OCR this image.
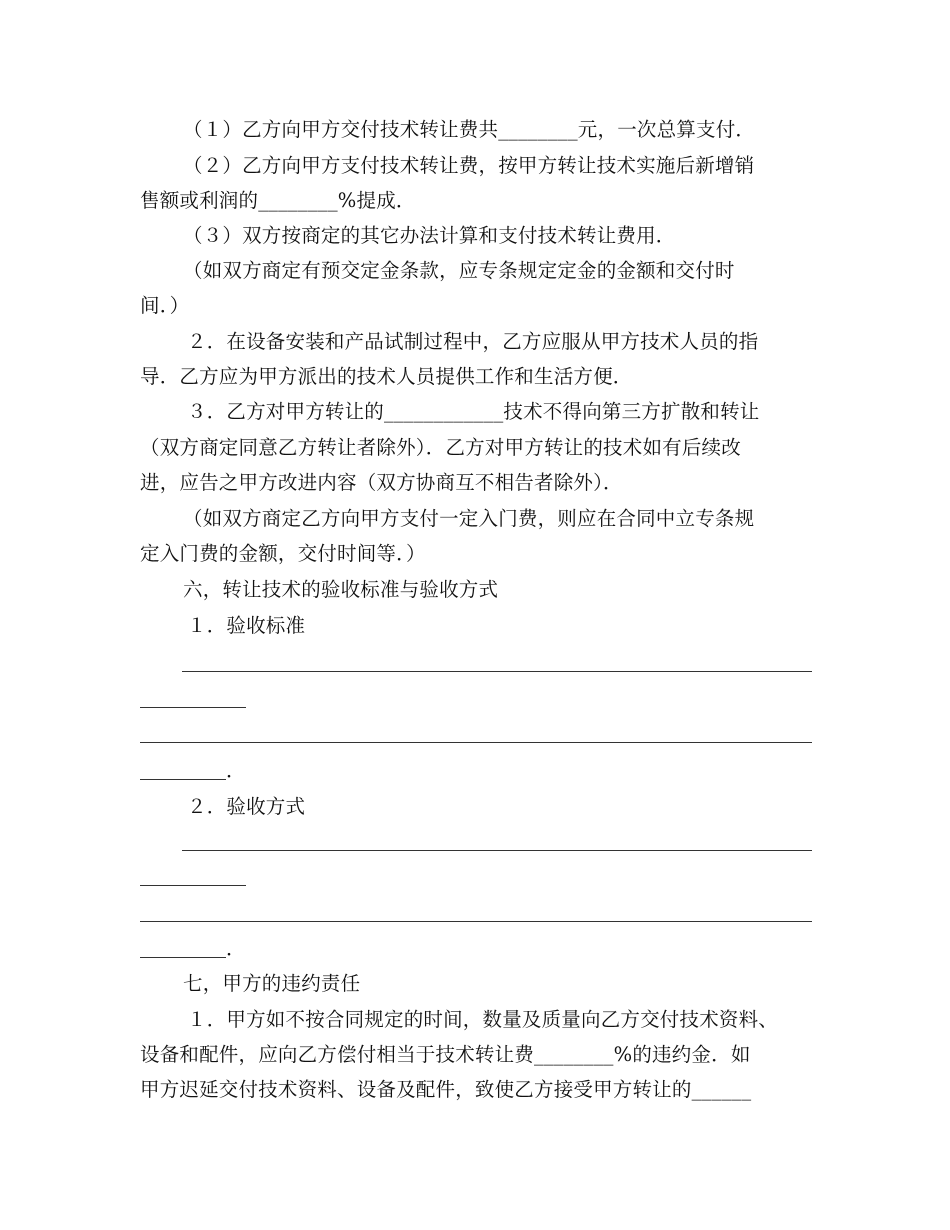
（１）乙方向甲方交付技术转让费共________元，一次总算支付．
（２）乙方向甲方支付技术转让费，按甲方转让技术实施后新增销
售额或利润的________%提成．
（３）双方按商定的其它办法计算和支付技术转让费用．
（如双方商定有预交定金条款，应专条规定定金的金额和交付时
间．）
２．在设备安装和产品试制过程中，乙方应服从甲方技术人员的指
导．乙方应为甲方派出的技术人员提供工作和生活方便．
３．乙方对甲方转让的____________技术不得向第三方扩散和转让
（双方商定同意乙方转让者除外）．乙方对甲方转让的技术如有后续改
进，应告之甲方改进内容（双方协商互不相告者除外）．
（如双方商定乙方向甲方支付一定入门费，则应在合同中立专条规
定入门费的金额，交付时间等．）
六，转让技术的验收标准与验收方式
１．验收标准
．
２．验收方式
．
七，甲方的违约责任
１．甲方如不按合同规定的时间，数量及质量向乙方交付技术资料、
设备和配件，应向乙方偿付相当于技术转让费________%的违约金．如
甲方迟延交付技术资料、设备及配件，致使乙方接受甲方转让的______
